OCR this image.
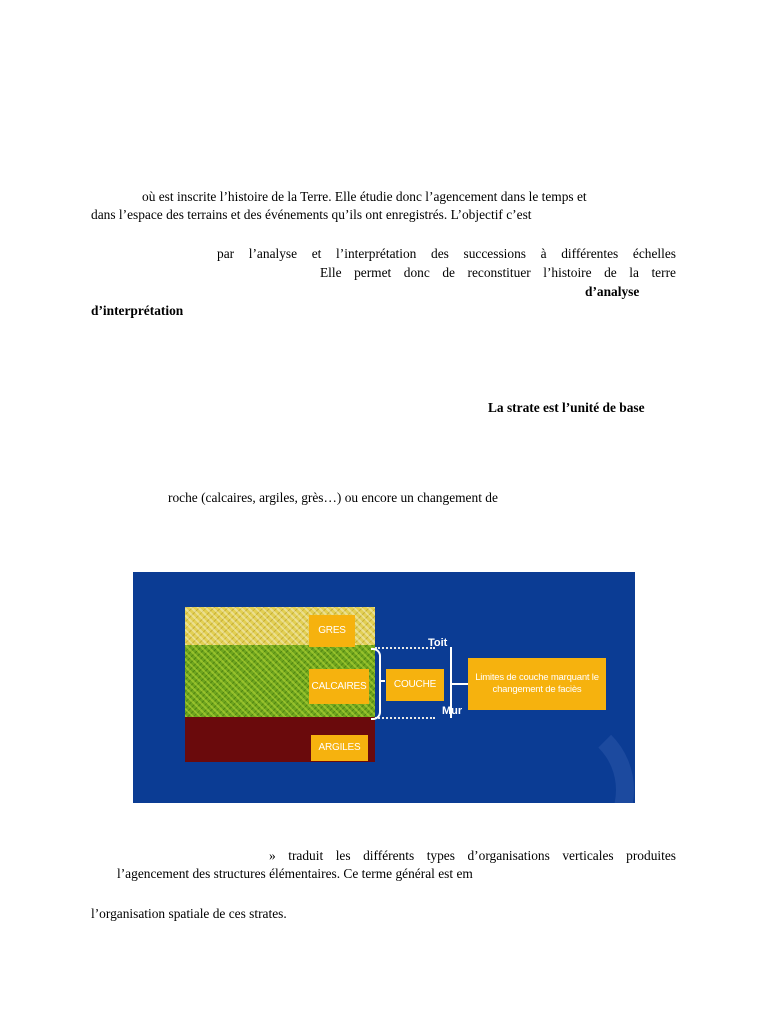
où est inscrite l’histoire de la Terre. Elle étudie donc l’agencement dans le temps et
dans l’espace des terrains et des événements qu’ils ont enregistrés. L’objectif c’est
par l’analyse et l’interprétation des successions à différentes échelles
Elle permet donc de reconstituer l’histoire de la terre
d’analyse
d’interprétation
La strate est l’unité de base
roche (calcaires, argiles, grès…) ou encore un changement de
GRES
CALCAIRES
ARGILES
COUCHE
Toit
Mur
Limites de couche marquant le changement de faciès
» traduit les différents types d’organisations verticales produites
l’agencement des structures élémentaires. Ce terme général est em
l’organisation spatiale de ces strates.
